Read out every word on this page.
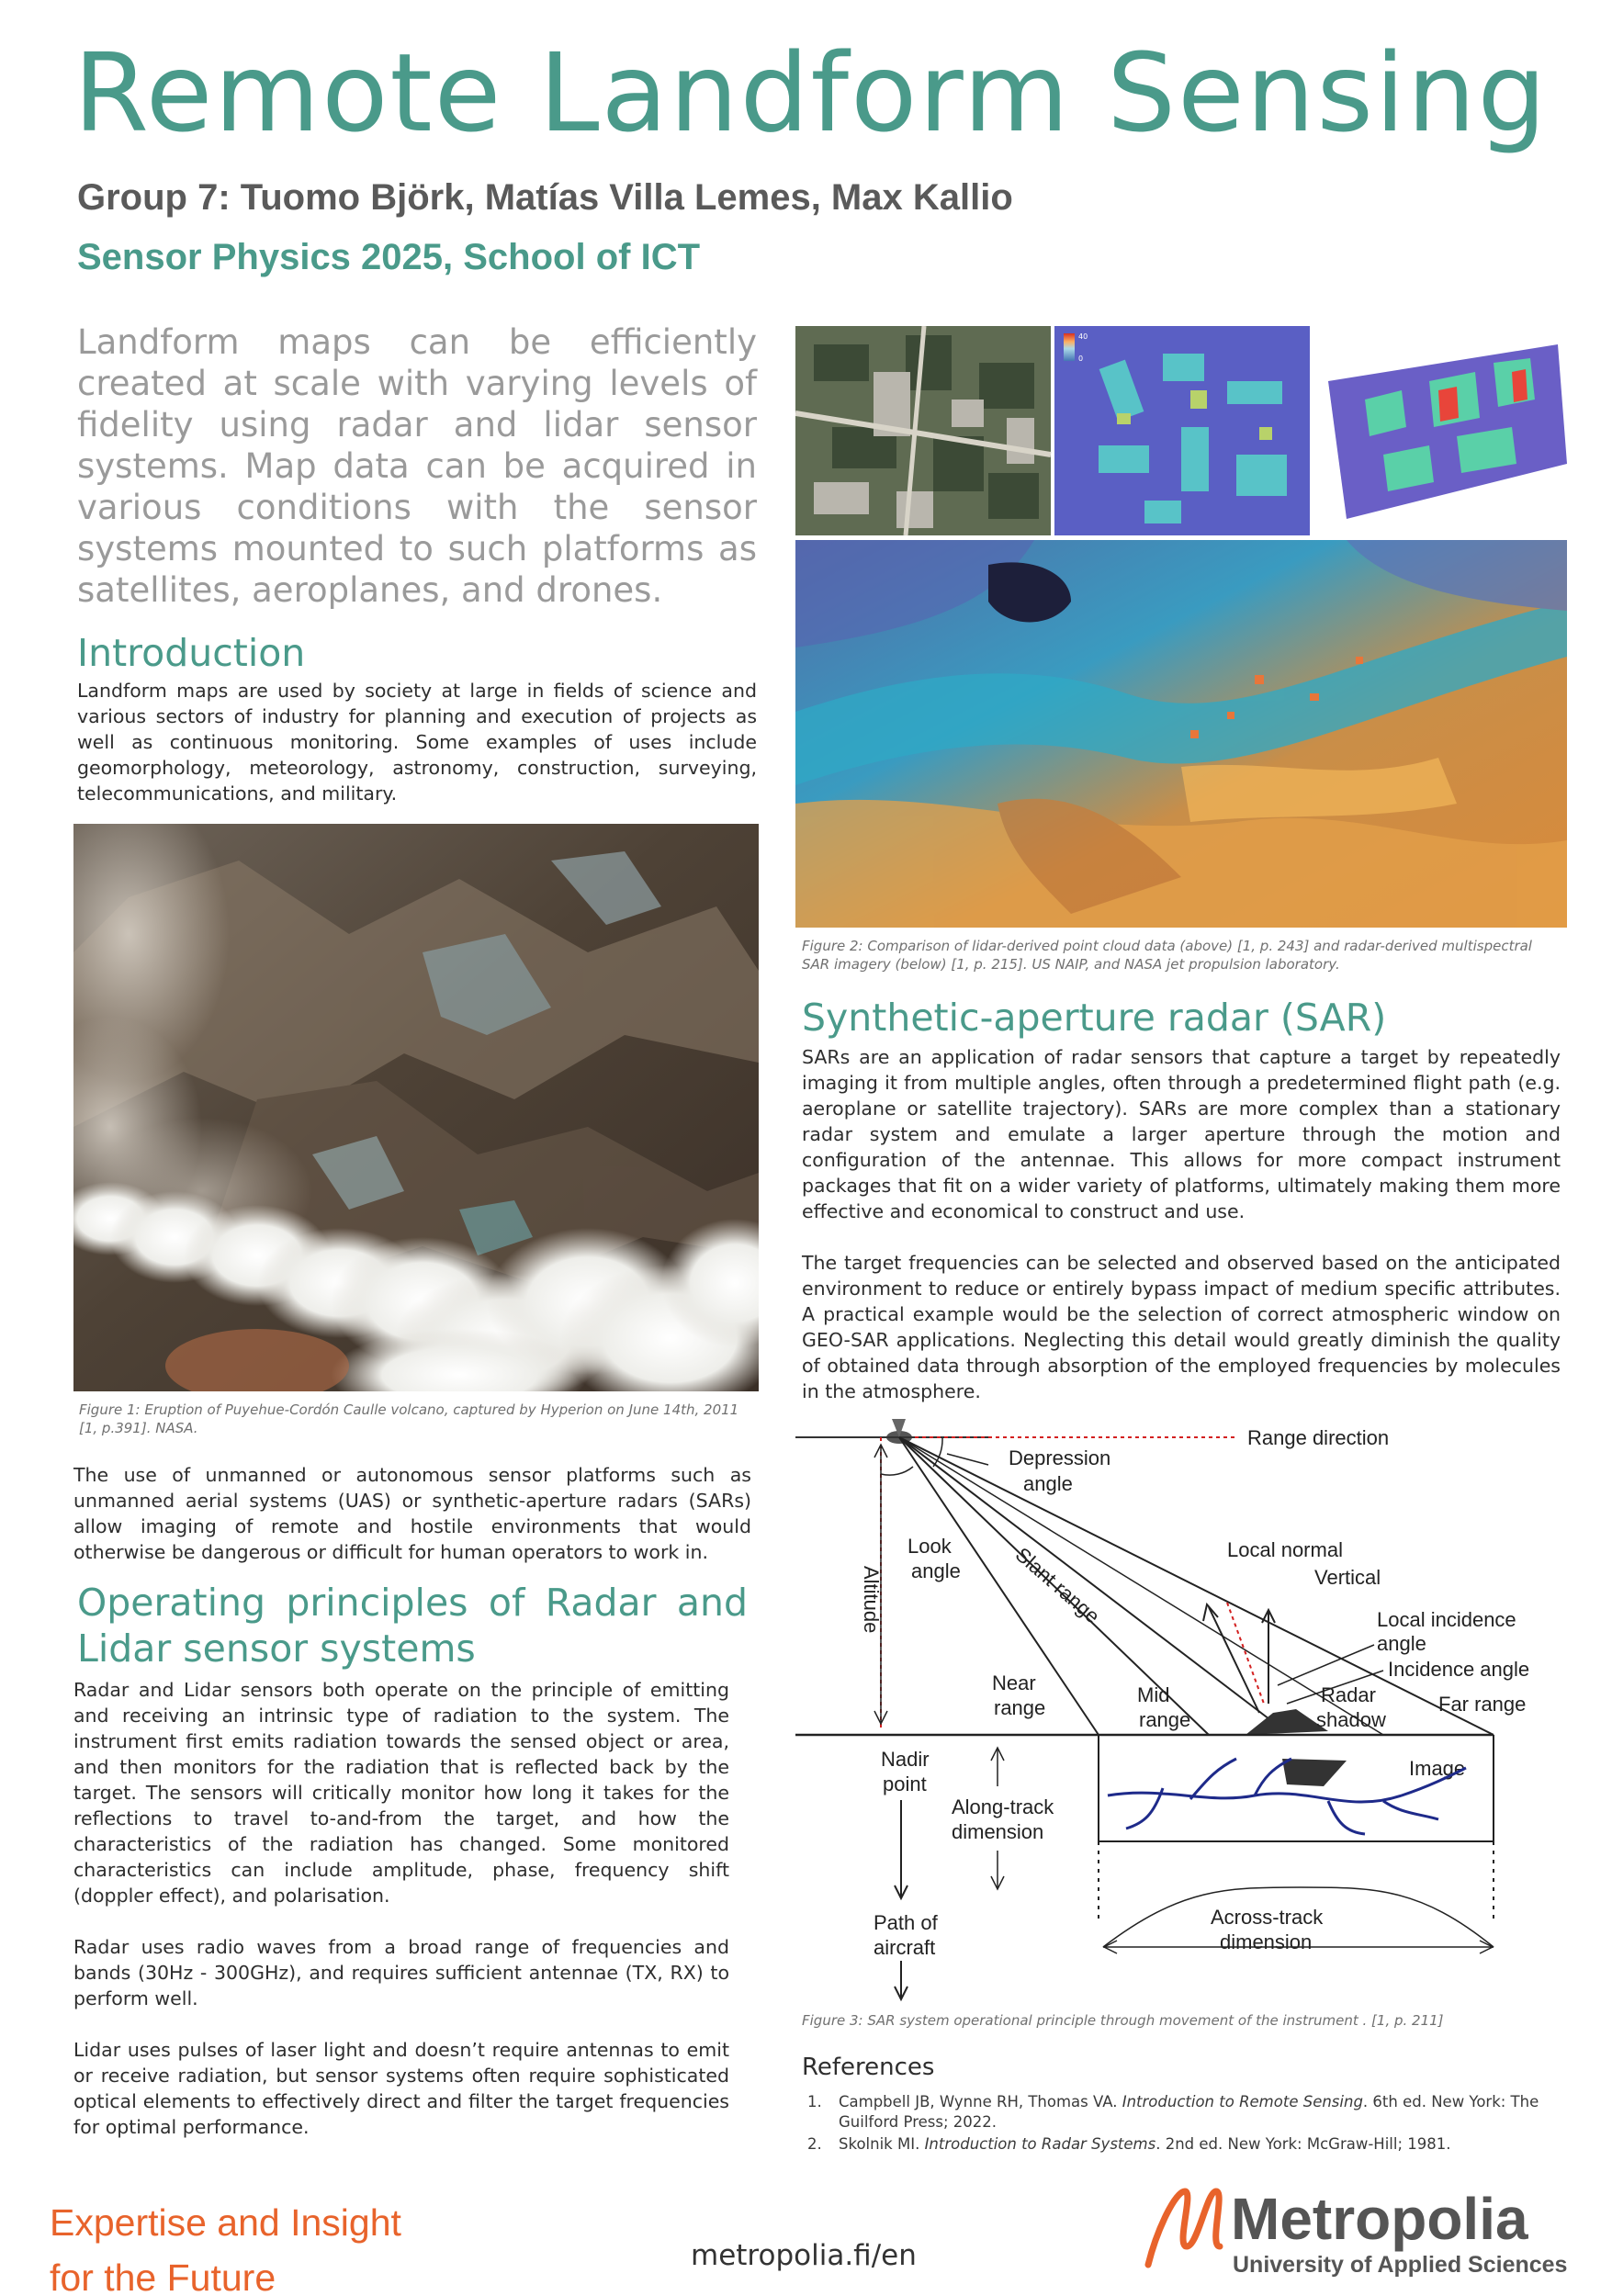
Remote Landform Sensing
Group 7: Tuomo Björk, Matías Villa Lemes, Max Kallio
Sensor Physics 2025, School of ICT

Landform maps can be efficiently created at scale with varying levels of fidelity using radar and lidar sensor systems. Map data can be acquired in various conditions with the sensor systems mounted to such platforms as satellites, aeroplanes, and drones.

Introduction

Landform maps are used by society at large in fields of science and various sectors of industry for planning and execution of projects as well as continuous monitoring. Some examples of uses include geomorphology, meteorology, astronomy, construction, surveying, telecommunications, and military.

Figure 1: Eruption of Puyehue-Cordón Caulle volcano, captured by Hyperion on June 14th, 2011 [1, p.391]. NASA.

The use of unmanned or autonomous sensor platforms such as unmanned aerial systems (UAS) or synthetic-aperture radars (SARs) allow imaging of remote and hostile environments that would otherwise be dangerous or difficult for human operators to work in.

Operating principles of Radar and Lidar sensor systems

Radar and Lidar sensors both operate on the principle of emitting and receiving an intrinsic type of radiation to the system. The instrument first emits radiation towards the sensed object or area, and then monitors for the radiation that is reflected back by the target. The sensors will critically monitor how long it takes for the reflections to travel to-and-from the target, and how the characteristics of the radiation has changed. Some monitored characteristics can include amplitude, phase, frequency shift (doppler effect), and polarisation.

Radar uses radio waves from a broad range of frequencies and bands (30Hz - 300GHz), and requires sufficient antennae (TX, RX) to perform well.

Lidar uses pulses of laser light and doesn’t require antennas to emit or receive radiation, but sensor systems often require sophisticated optical elements to effectively direct and filter the target frequencies for optimal performance.

40
0
Figure 2: Comparison of lidar-derived point cloud data (above) [1, p. 243] and radar-derived multispectral SAR imagery (below) [1, p. 215]. US NAIP, and NASA jet propulsion laboratory.
Synthetic-aperture radar (SAR)

SARs are an application of radar sensors that capture a target by repeatedly imaging it from multiple angles, often through a predetermined flight path (e.g. aeroplane or satellite trajectory). SARs are more complex than a stationary radar system and emulate a larger aperture through the motion and configuration of the antennae. This allows for more compact instrument packages that fit on a wider variety of platforms, ultimately making them more effective and economical to construct and use.

The target frequencies can be selected and observed based on the anticipated environment to reduce or entirely bypass impact of medium specific attributes. A practical example would be the selection of correct atmospheric window on GEO-SAR applications. Neglecting this detail would greatly diminish the quality of obtained data through absorption of the employed frequencies by molecules in the atmosphere.

Range direction
Altitude
Depression
angle
Look
angle Slant range	Local normal
Vertical
Local incidence
angle
Incidence angle
Near
range
Mid
range
Radar
shadow
Far range
Image
Nadir
point
Path of
aircraft
Along-track
dimension
Across-track
dimension
Figure 3: SAR system operational principle through movement of the instrument . [1, p. 211]
References
1.	Campbell JB, Wynne RH, Thomas VA. Introduction to Remote Sensing. 6th ed. New York: The Guilford Press; 2022.
2.	Skolnik MI. Introduction to Radar Systems. 2nd ed. New York: McGraw-Hill; 1981.
Expertise and Insight
for the Future
metropolia.fi/en
Metropolia
University of Applied Sciences
